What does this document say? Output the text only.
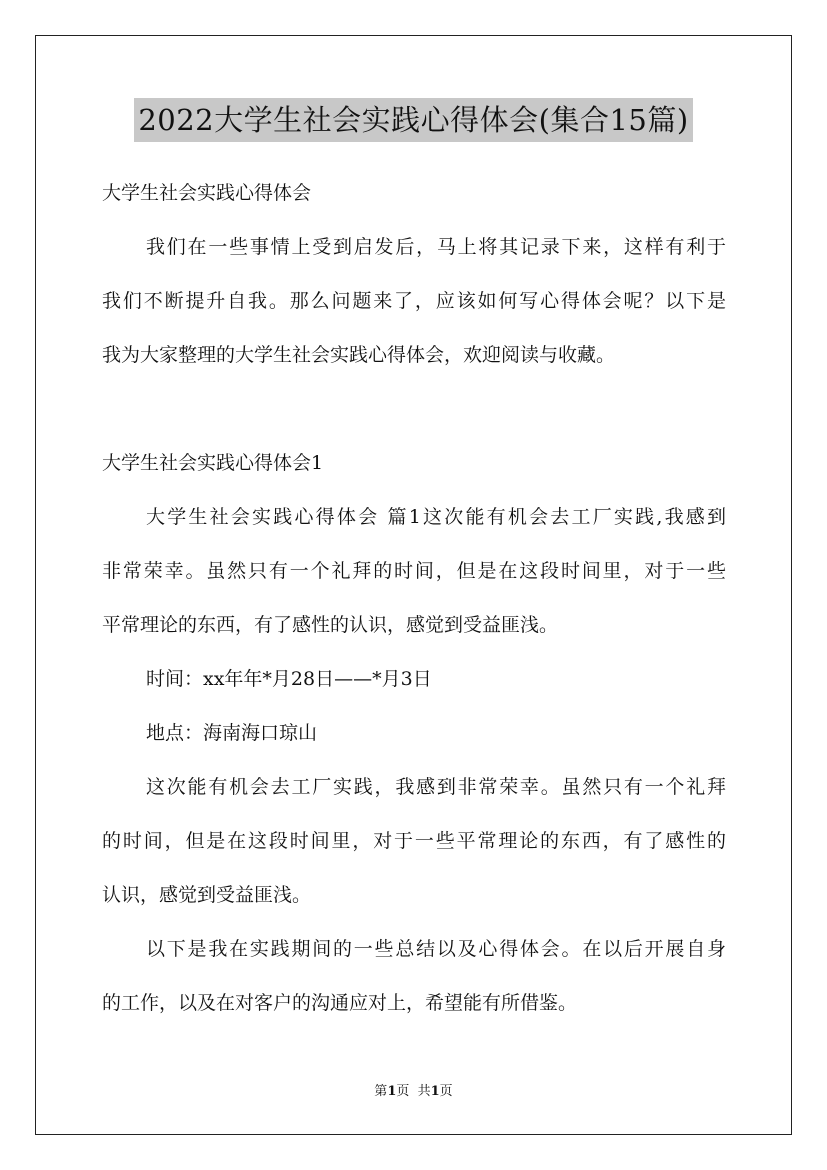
2022大学生社会实践心得体会(集合15篇)

大学生社会实践心得体会

我们在一些事情上受到启发后，马上将其记录下来，这样有利于

我们不断提升自我。那么问题来了，应该如何写心得体会呢？以下是

我为大家整理的大学生社会实践心得体会，欢迎阅读与收藏。

大学生社会实践心得体会1

大学生社会实践心得体会 篇1这次能有机会去工厂实践,我感到

非常荣幸。虽然只有一个礼拜的时间，但是在这段时间里，对于一些

平常理论的东西，有了感性的认识，感觉到受益匪浅。

时间：xx年年*月28日——*月3日

地点：海南海口琼山

这次能有机会去工厂实践，我感到非常荣幸。虽然只有一个礼拜

的时间，但是在这段时间里，对于一些平常理论的东西，有了感性的

认识，感觉到受益匪浅。

以下是我在实践期间的一些总结以及心得体会。在以后开展自身

的工作，以及在对客户的沟通应对上，希望能有所借鉴。

第1页  共1页
